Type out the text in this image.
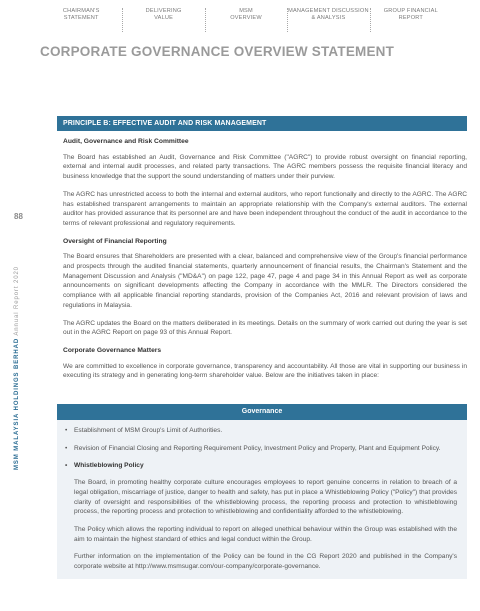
CHAIRMAN'S
STATEMENT
DELIVERING
VALUE
MSM
OVERVIEW
MANAGEMENT DISCUSSION
& ANALYSIS
GROUP FINANCIAL
REPORT
CORPORATE GOVERNANCE OVERVIEW STATEMENT
88
MSM MALAYSIA HOLDINGS BERHAD Annual Report 2020
PRINCIPLE B: EFFECTIVE AUDIT AND RISK MANAGEMENT
Audit, Governance and Risk Committee

The Board has established an Audit, Governance and Risk Committee ("AGRC") to provide robust oversight on financial reporting, external and internal audit processes, and related party transactions. The AGRC members possess the requisite financial literacy and business knowledge that the support the sound understanding of matters under their purview.

The AGRC has unrestricted access to both the internal and external auditors, who report functionally and directly to the AGRC. The AGRC has established transparent arrangements to maintain an appropriate relationship with the Company's external auditors. The external auditor has provided assurance that its personnel are and have been independent throughout the conduct of the audit in accordance to the terms of relevant professional and regulatory requirements.

Oversight of Financial Reporting

The Board ensures that Shareholders are presented with a clear, balanced and comprehensive view of the Group's financial performance and prospects through the audited financial statements, quarterly announcement of financial results, the Chairman's Statement and the Management Discussion and Analysis ("MD&A") on page 122, page 47, page 4 and page 34 in this Annual Report as well as corporate announcements on significant developments affecting the Company in accordance with the MMLR. The Directors considered the compliance with all applicable financial reporting standards, provision of the Companies Act, 2016 and relevant provision of laws and regulations in Malaysia.

The AGRC updates the Board on the matters deliberated in its meetings. Details on the summary of work carried out during the year is set out in the AGRC Report on page 93 of this Annual Report.

Corporate Governance Matters

We are committed to excellence in corporate governance, transparency and accountability. All those are vital in supporting our business in executing its strategy and in generating long-term shareholder value. Below are the initiatives taken in place:

Governance
• Establishment of MSM Group's Limit of Authorities.
• Revision of Financial Closing and Reporting Requirement Policy, Investment Policy and Property, Plant and Equipment Policy.
• Whistleblowing Policy

The Board, in promoting healthy corporate culture encourages employees to report genuine concerns in relation to breach of a legal obligation, miscarriage of justice, danger to health and safety, has put in place a Whistleblowing Policy ("Policy") that provides clarity of oversight and responsibilities of the whistleblowing process, the reporting process and protection to whistleblowing process, the reporting process and protection to whistleblowing and confidentiality afforded to the whistleblowing.

The Policy which allows the reporting individual to report on alleged unethical behaviour within the Group was established with the aim to maintain the highest standard of ethics and legal conduct within the Group.

Further information on the implementation of the Policy can be found in the CG Report 2020 and published in the Company's corporate website at http://www.msmsugar.com/our-company/corporate-governance.
